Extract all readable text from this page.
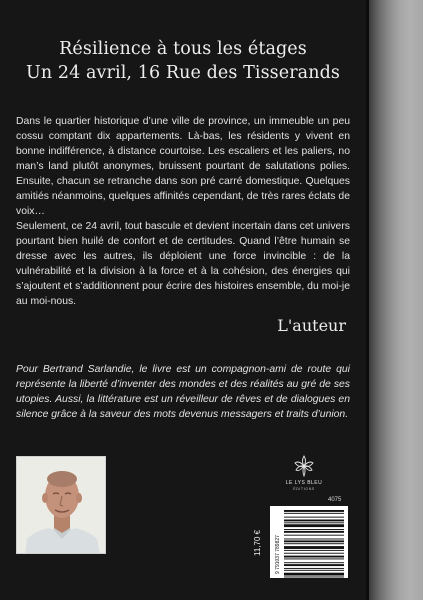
Résilience à tous les étages
Un 24 avril, 16 Rue des Tisserands

Dans le quartier historique d’une ville de province, un immeuble un peu cossu comptant dix appartements. Là-bas, les résidents y vivent en bonne indifférence, à distance courtoise. Les escaliers et les paliers, no man’s land plutôt anonymes, bruissent pourtant de salutations polies. Ensuite, chacun se retranche dans son pré carré domestique. Quelques amitiés néanmoins, quelques affinités cependant, de très rares éclats de voix…

Seulement, ce 24 avril, tout bascule et devient incertain dans cet univers pourtant bien huilé de confort et de certitudes. Quand l’être humain se dresse avec les autres, ils déploient une force invincible : de la vulnérabilité et la division à la force et à la cohésion, des énergies qui s’ajoutent et s’additionnent pour écrire des histoires ensemble, du moi-je au moi-nous.

L'auteur
Pour Bertrand Sarlandie, le livre est un compagnon-ami de route qui représente la liberté d’inventer des mondes et des réalités au gré de ses utopies. Aussi, la littérature est un réveilleur de rêves et de dialogues en silence grâce à la saveur des mots devenus messagers et traits d’union.
LE LYS BLEU
ÉDITIONS
4075
11,70 €	9 791037 789827
